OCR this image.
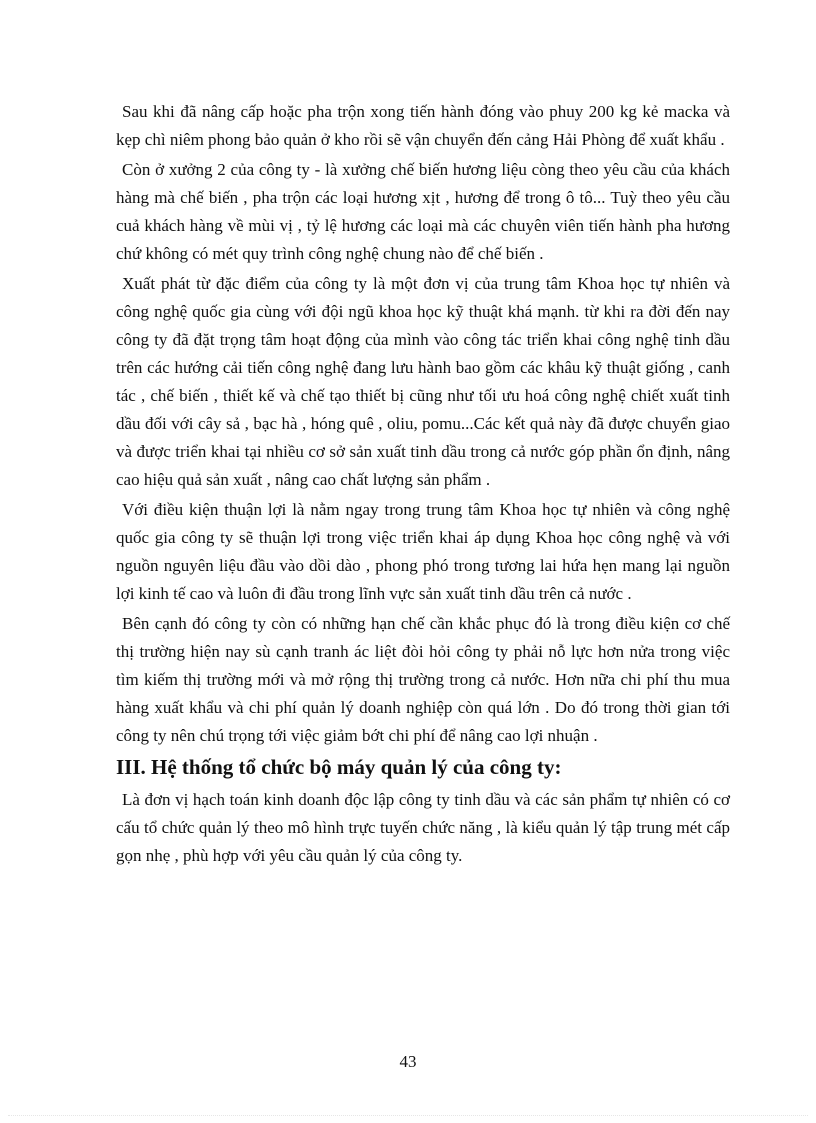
Sau khi đã nâng cấp hoặc pha trộn xong tiến hành đóng vào phuy 200 kg kẻ macka và kẹp chì niêm phong bảo quản ở kho rồi sẽ vận chuyển đến cảng Hải Phòng để xuất khẩu .

Còn ở xưởng 2 của công ty - là xưởng chế biến hương liệu còng theo yêu cầu của khách hàng mà chế biến , pha trộn các loại hương xịt , hương để trong ô tô... Tuỳ theo yêu cầu cuả khách hàng về mùi vị , tỷ lệ hương các loại mà các chuyên viên tiến hành pha hương chứ không có mét quy trình công nghệ chung nào để chế biến .

Xuất phát từ đặc điểm của công ty là một đơn vị của trung tâm Khoa học tự nhiên và công nghệ quốc gia cùng với đội ngũ khoa học kỹ thuật khá mạnh. từ khi ra đời đến nay công ty đã đặt trọng tâm hoạt động của mình vào công tác triển khai công nghệ tinh dầu trên các hướng cải tiến công nghệ đang lưu hành bao gồm các khâu kỹ thuật giống , canh tác , chế biến , thiết kế và chế tạo thiết bị cũng như tối ưu hoá công nghệ chiết xuất tinh dầu đối với cây sả , bạc hà , hóng quê , oliu, pomu...Các kết quả này đã được chuyển giao và được triển khai tại nhiều cơ sở sản xuất tinh dầu trong cả nước góp phần ổn định, nâng cao hiệu quả sản xuất , nâng cao chất lượng sản phẩm .

Với điều kiện thuận lợi là nằm ngay trong trung tâm Khoa học tự nhiên và công nghệ quốc gia công ty sẽ thuận lợi trong việc triển khai áp dụng Khoa học công nghệ và với nguồn nguyên liệu đầu vào dồi dào , phong phó trong tương lai hứa hẹn mang lại nguồn lợi kinh tế cao và luôn đi đầu trong lĩnh vực sản xuất tinh dầu trên cả nước .

Bên cạnh đó công ty còn có những hạn chế cần khắc phục đó là trong điều kiện cơ chế thị trường hiện nay sù cạnh tranh ác liệt đòi hỏi công ty phải nỗ lực hơn nửa trong việc tìm kiếm thị trường mới và mở rộng thị trường trong cả nước. Hơn nữa chi phí thu mua hàng xuất khẩu và chi phí quản lý doanh nghiệp còn quá lớn . Do đó trong thời gian tới công ty nên chú trọng tới việc giảm bớt chi phí để nâng cao lợi nhuận .

III. Hệ thống tổ chức bộ máy quản lý của công ty:

Là đơn vị hạch toán kinh doanh độc lập công ty tinh dầu và các sản phẩm tự nhiên có cơ cấu tổ chức quản lý theo mô hình trực tuyến chức năng , là kiểu quản lý tập trung mét cấp gọn nhẹ , phù hợp với yêu cầu quản lý của công ty.

43
